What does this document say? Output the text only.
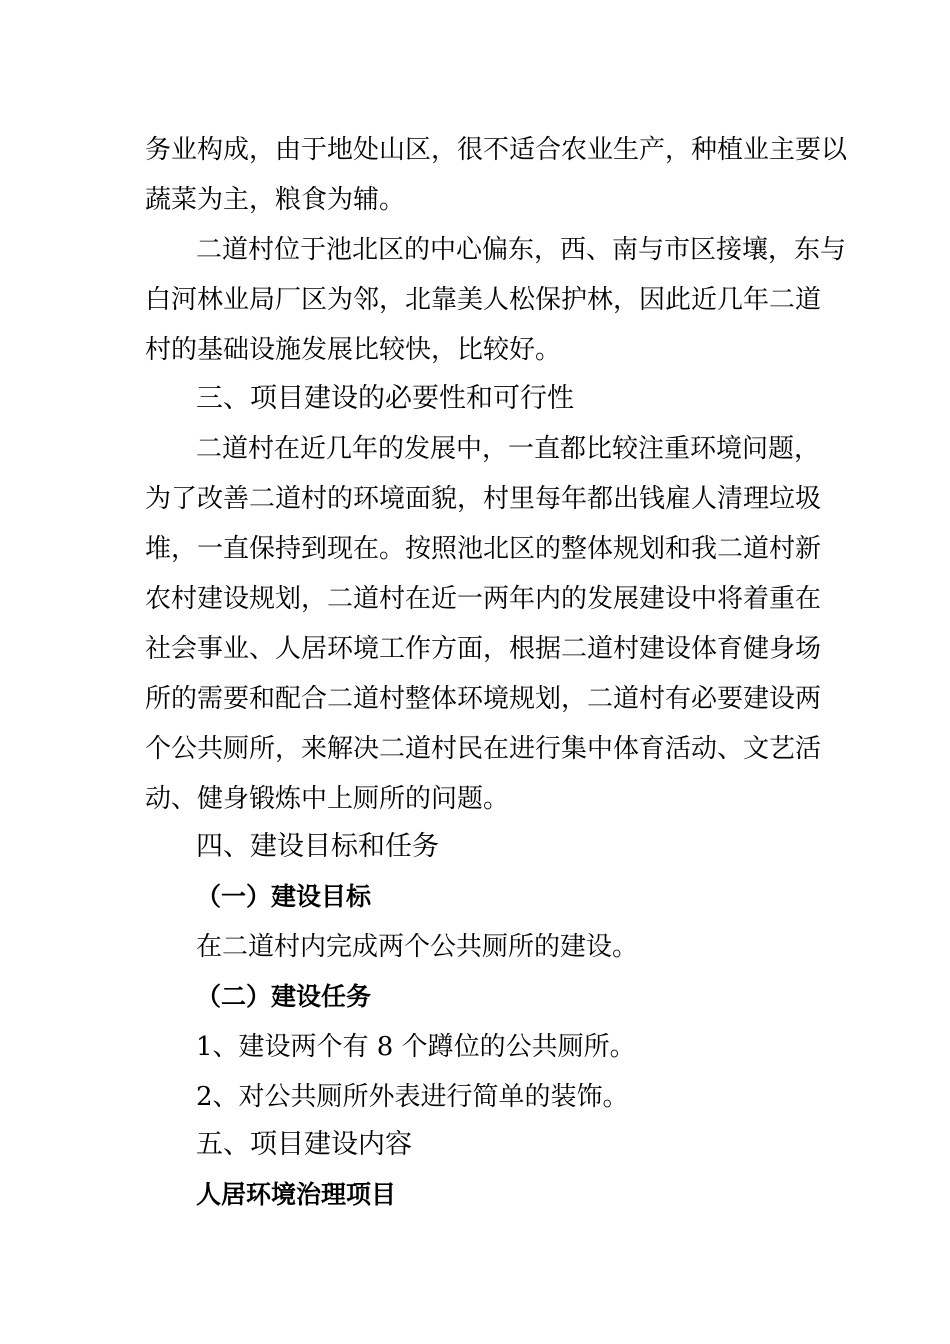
务业构成，由于地处山区，很不适合农业生产，种植业主要以

蔬菜为主，粮食为辅。

二道村位于池北区的中心偏东，西、南与市区接壤，东与

白河林业局厂区为邻，北靠美人松保护林，因此近几年二道

村的基础设施发展比较快，比较好。

三、项目建设的必要性和可行性

二道村在近几年的发展中，一直都比较注重环境问题，

为了改善二道村的环境面貌，村里每年都出钱雇人清理垃圾

堆，一直保持到现在。按照池北区的整体规划和我二道村新

农村建设规划，二道村在近一两年内的发展建设中将着重在

社会事业、人居环境工作方面，根据二道村建设体育健身场

所的需要和配合二道村整体环境规划，二道村有必要建设两

个公共厕所，来解决二道村民在进行集中体育活动、文艺活

动、健身锻炼中上厕所的问题。

四、建设目标和任务
（一）建设目标

在二道村内完成两个公共厕所的建设。

（二）建设任务

1、建设两个有 8 个蹲位的公共厕所。

2、对公共厕所外表进行简单的装饰。

五、项目建设内容
人居环境治理项目
